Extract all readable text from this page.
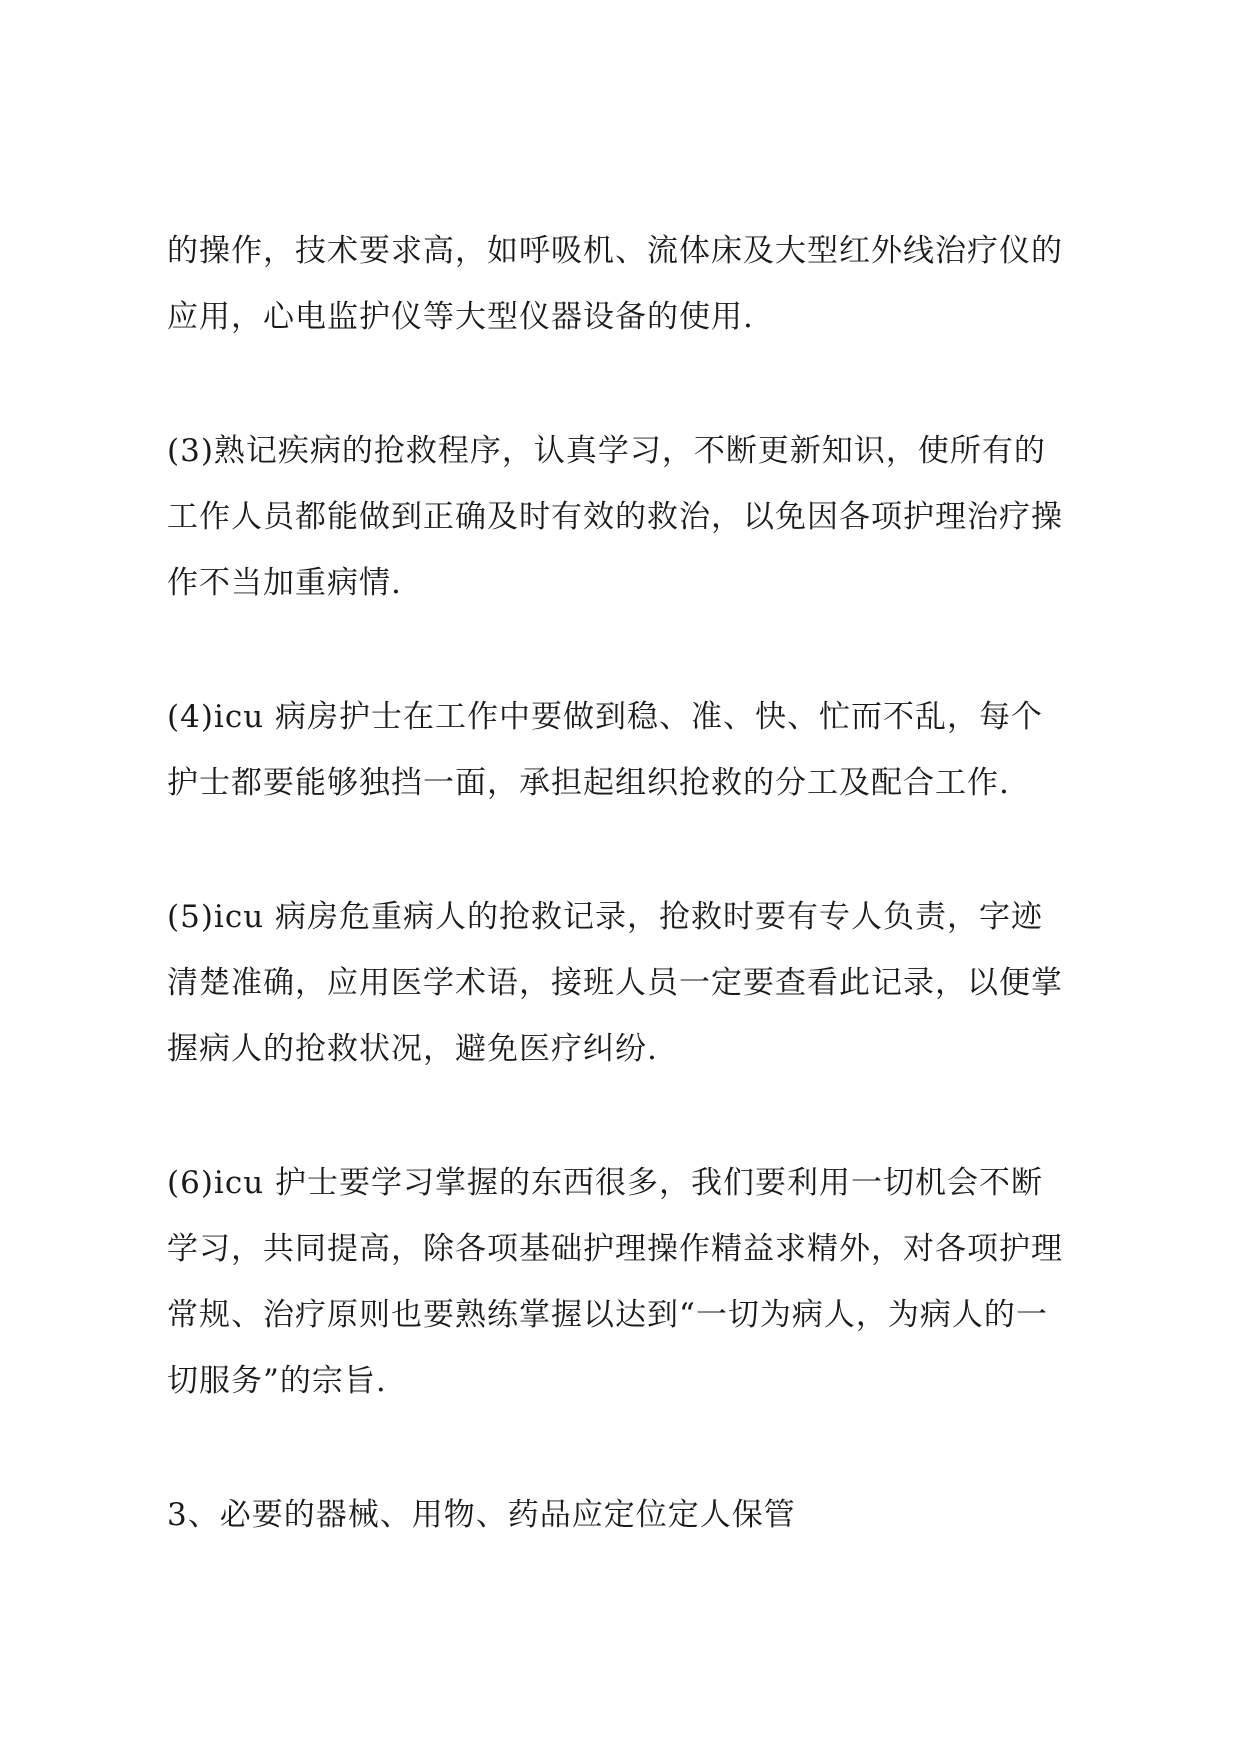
的操作，技术要求高，如呼吸机、流体床及大型红外线治疗仪的
应用，心电监护仪等大型仪器设备的使用.

(3)熟记疾病的抢救程序，认真学习，不断更新知识，使所有的
工作人员都能做到正确及时有效的救治，以免因各项护理治疗操
作不当加重病情.

(4)icu 病房护士在工作中要做到稳、准、快、忙而不乱，每个
护士都要能够独挡一面，承担起组织抢救的分工及配合工作.

(5)icu 病房危重病人的抢救记录，抢救时要有专人负责，字迹
清楚准确，应用医学术语，接班人员一定要查看此记录，以便掌
握病人的抢救状况，避免医疗纠纷.

(6)icu 护士要学习掌握的东西很多，我们要利用一切机会不断
学习，共同提高，除各项基础护理操作精益求精外，对各项护理
常规、治疗原则也要熟练掌握以达到“一切为病人，为病人的一
切服务”的宗旨.

3、必要的器械、用物、药品应定位定人保管
